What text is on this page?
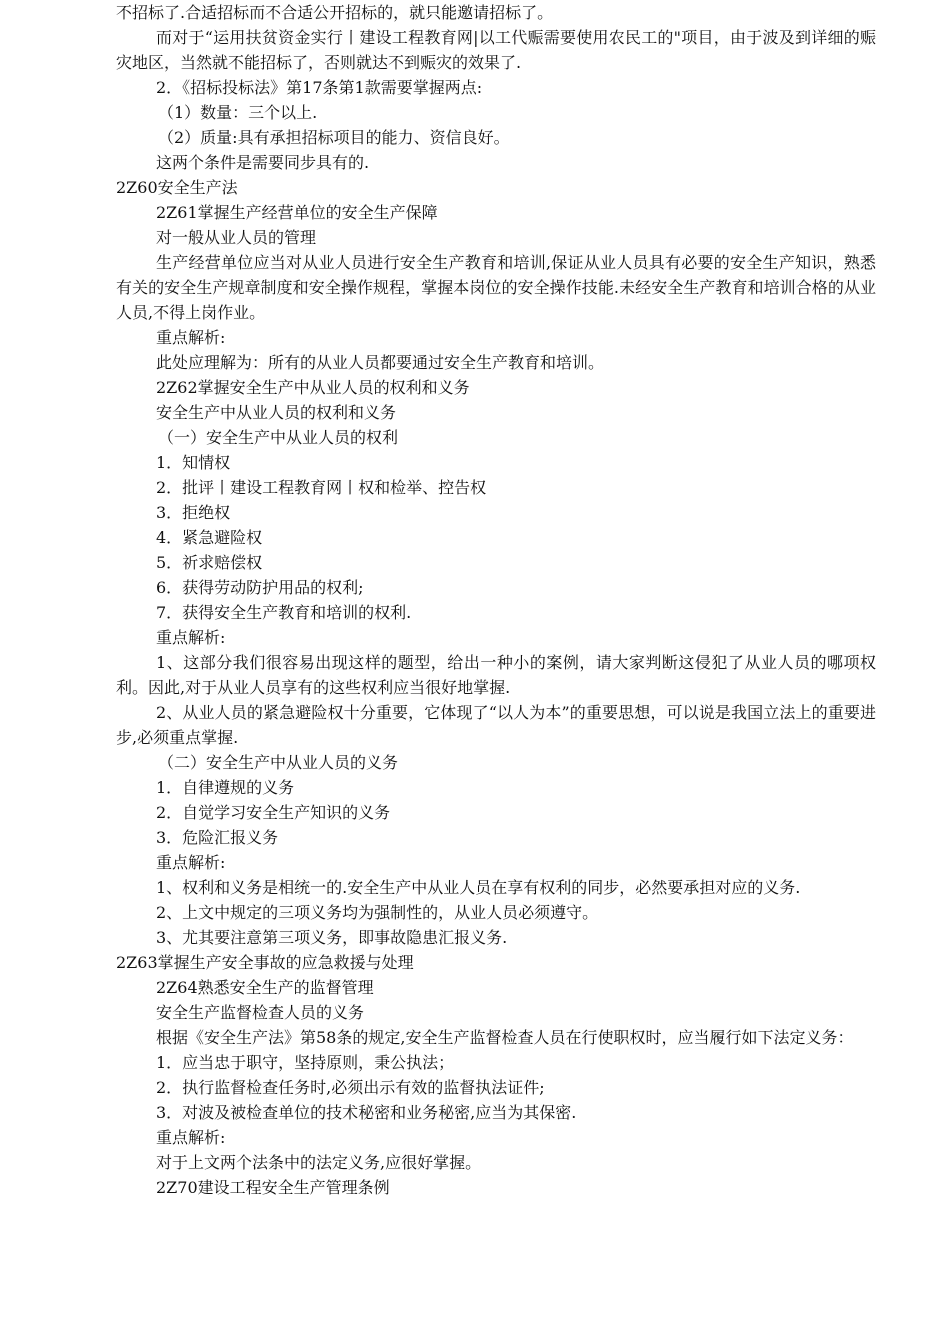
不招标了.合适招标而不合适公开招标的，就只能邀请招标了。

而对于“运用扶贫资金实行丨建设工程教育网|以工代赈需要使用农民工的"项目，由于波及到详细的赈灾地区，当然就不能招标了，否则就达不到赈灾的效果了.

2．《招标投标法》第17条第1款需要掌握两点:

（1）数量：三个以上.

（2）质量:具有承担招标项目的能力、资信良好。

这两个条件是需要同步具有的.

2Z60安全生产法

2Z61掌握生产经营单位的安全生产保障

对一般从业人员的管理

生产经营单位应当对从业人员进行安全生产教育和培训,保证从业人员具有必要的安全生产知识，熟悉有关的安全生产规章制度和安全操作规程，掌握本岗位的安全操作技能.未经安全生产教育和培训合格的从业人员,不得上岗作业。

重点解析:

此处应理解为：所有的从业人员都要通过安全生产教育和培训。

2Z62掌握安全生产中从业人员的权利和义务

安全生产中从业人员的权利和义务

（一）安全生产中从业人员的权利

1．知情权

2．批评丨建设工程教育网丨权和检举、控告权

3．拒绝权

4．紧急避险权

5．祈求赔偿权

6．获得劳动防护用品的权利;

7．获得安全生产教育和培训的权利.

重点解析:

1、这部分我们很容易出现这样的题型，给出一种小的案例，请大家判断这侵犯了从业人员的哪项权利。因此,对于从业人员享有的这些权利应当很好地掌握.

2、从业人员的紧急避险权十分重要，它体现了“以人为本”的重要思想，可以说是我国立法上的重要进步,必须重点掌握.

（二）安全生产中从业人员的义务

1．自律遵规的义务

2．自觉学习安全生产知识的义务

3．危险汇报义务

重点解析:

1、权利和义务是相统一的.安全生产中从业人员在享有权利的同步，必然要承担对应的义务.

2、上文中规定的三项义务均为强制性的，从业人员必须遵守。

3、尤其要注意第三项义务，即事故隐患汇报义务.

2Z63掌握生产安全事故的应急救援与处理

2Z64熟悉安全生产的监督管理

安全生产监督检查人员的义务

根据《安全生产法》第58条的规定,安全生产监督检查人员在行使职权时，应当履行如下法定义务：

1．应当忠于职守，坚持原则，秉公执法；

2．执行监督检查任务时,必须出示有效的监督执法证件;

3．对波及被检查单位的技术秘密和业务秘密,应当为其保密.

重点解析:

对于上文两个法条中的法定义务,应很好掌握。

2Z70建设工程安全生产管理条例
